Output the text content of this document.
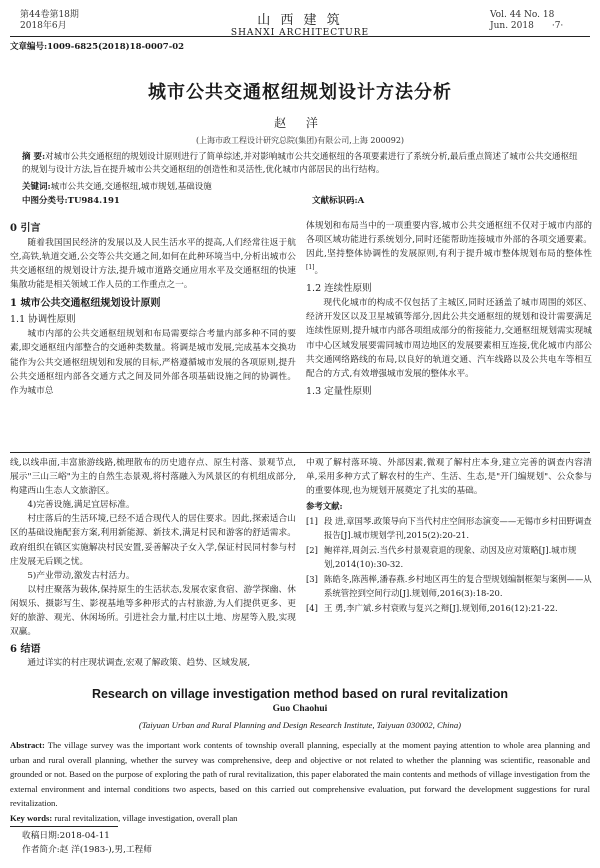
第44卷第18期
2018年6月	山 西 建 筑
SHANXI ARCHITECTURE
Vol. 44 No. 18
Jun. 2018 ·7·
文章编号:1009-6825(2018)18-0007-02
城市公共交通枢纽规划设计方法分析
赵 洋
(上海市政工程设计研究总院(集团)有限公司,上海 200092)
摘 要:对城市公共交通枢纽的规划设计原则进行了简单综述,并对影响城市公共交通枢纽的各项要素进行了系统分析,最后重点简述了城市公共交通枢纽的规划与设计方法,旨在提升城市公共交通枢纽的创造性和灵活性,优化城市内部居民的出行结构。
关键词:城市公共交通,交通枢纽,城市规划,基础设施
中图分类号:TU984.191	文献标识码:A
0 引言

随着我国国民经济的发展以及人民生活水平的提高,人们经常往返于航空,高铁,轨道交通,公交等公共交通之间,如何在此种环境当中,分析出城市公共交通枢纽的规划设计方法,提升城市道路交通应用水平及交通枢纽的快速集散功能是相关领域工作人员的工作重点之一。

1 城市公共交通枢纽规划设计原则
1.1 协调性原则

城市内部的公共交通枢纽规划和布局需要综合考量内部多种不同的要素,即交通枢纽内部整合的交通种类数量。将调是城市发展,完成基本交换功能作为公共交通枢纽规划和发展的目标,严格遵循城市发展的各项原则,提升公共交通枢纽内部各交通方式之间及同外部各项基础设施之间的协调性。作为城市总

体规划和布局当中的一项重要内容,城市公共交通枢纽不仅对于城市内部的各项区域功能进行系统划分,同时还能帮助连接城市外部的各项交通要素。因此,坚持整体协调性的发展原则,有利于提升城市整体规划布局的整体性[1]。

1.2 连续性原则

现代化城市的构成不仅包括了主城区,同时还涵盖了城市周围的郊区、经济开发区以及卫星城镇等部分,因此公共交通枢纽的规划和设计需要满足连续性原则,提升城市内部各项组成部分的衔接能力,交通枢纽规划需实现城市中心区域发展要需同城市周边地区的发展要素相互连接,优化城市内部公共交通网络路线的布局,以良好的轨道交通、汽车线路以及公共电车等相互配合的方式,有效增强城市发展的整体水平。

1.3 定量性原则

线,以线串面,丰富旅游线路,梳理散布的历史遗存点、原生村落、景观节点,展示"三山三峪"为主的自然生态景观,将村落融入为风景区的有机组成部分,构建西山生态人文旅游区。

4)完善设施,满足宜居标准。

村庄落后的生活环境,已经不适合现代人的居住要求。因此,探索适合山区的基础设施配套方案,利用新能源、新技术,满足村民和游客的舒适需求。政府组织在镇区实施解决村民安置,妥善解决子女入学,保证村民同村参与村庄发展无后顾之忧。

5)产业带动,激发古村活力。

以村庄聚落为载体,保持原生的生活状态,发展农家食宿、游学探幽、休闲娱乐、摄影写生、影视基地等多种形式的古村旅游,为人们提供更多、更好的旅游、观光、休闲场所。引进社会力量,村庄以土地、房屋等入股,实现双赢。

6 结语

通过详实的村庄现状调查,宏观了解政策、趋势、区域发展,

中观了解村落环境、外部因素,微观了解村庄本身,建立完善的调查内容清单,采用多种方式了解农村的生产、生活、生态,是"开门编规划"、公众参与的重要体现,也为规划开展奠定了扎实的基础。

参考文献:
[1] 段 进,章国琴.政策导向下当代村庄空间形态演变——无锡市乡村田野调查报告[J].城市规划学刊,2015(2):20-21.
[2] 鲍祥祥,周剑云.当代乡村景观衰退的现象、动因及应对策略[J].城市规划,2014(10):30-32.
[3] 陈皓冬,陈茜榉,潘春燕.乡村地区再生的复合型规划编制框架与案例——从系统管控到空间行动[J].规划师,2016(3):18-20.
[4] 王 勇,李广斌.乡村衰败与复兴之辩[J].规划师,2016(12):21-22.
Research on village investigation method based on rural revitalization
Guo Chaohui
(Taiyuan Urban and Rural Planning and Design Research Institute, Taiyuan 030002, China)
Abstract: The village survey was the important work contents of township overall planning, especially at the moment paying attention to whole area planning and urban and rural overall planning, whether the survey was comprehensive, deep and objective or not related to whether the planning was scientific, reasonable and grounded or not. Based on the purpose of exploring the path of rural revitalization, this paper elaborated the main contents and methods of village investigation from the external environment and internal conditions two aspects, based on this carried out comprehensive evaluation, put forward the development suggestions for rural revitalization.
Key words: rural revitalization, village investigation, overall plan
收稿日期:2018-04-11
作者简介:赵 洋(1983-),男,工程师
